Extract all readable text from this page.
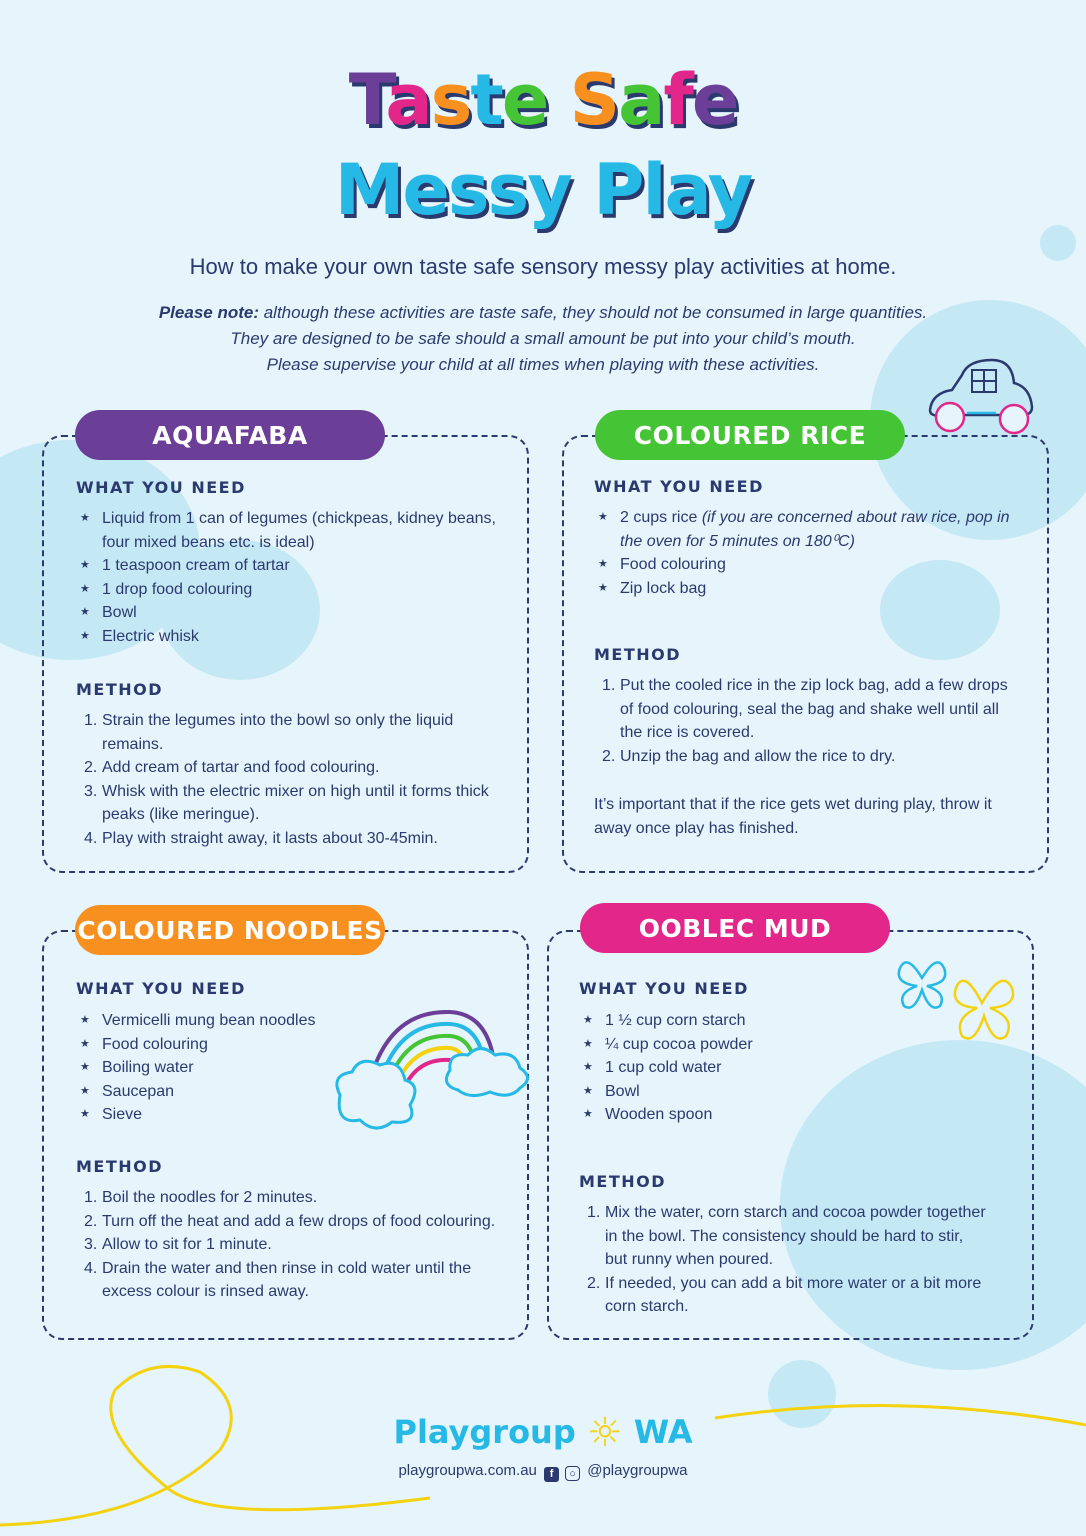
Taste Safe
Messy Play
How to make your own taste safe sensory messy play activities at home.
Please note: although these activities are taste safe, they should not be consumed in large quantities.
They are designed to be safe should a small amount be put into your child’s mouth.
Please supervise your child at all times when playing with these activities.
AQUAFABA
WHAT YOU NEED
★ Liquid from 1 can of legumes (chickpeas, kidney beans, four mixed beans etc. is ideal)
★ 1 teaspoon cream of tartar
★ 1 drop food colouring
★ Bowl
★ Electric whisk
METHOD
1. Strain the legumes into the bowl so only the liquid remains.
2. Add cream of tartar and food colouring.
3. Whisk with the electric mixer on high until it forms thick peaks (like meringue).
4. Play with straight away, it lasts about 30-45min.
COLOURED RICE
WHAT YOU NEED
★ 2 cups rice (if you are concerned about raw rice, pop in the oven for 5 minutes on 180⁰C)
★ Food colouring
★ Zip lock bag
METHOD
1. Put the cooled rice in the zip lock bag, add a few drops of food colouring, seal the bag and shake well until all the rice is covered.
2. Unzip the bag and allow the rice to dry.
It’s important that if the rice gets wet during play, throw it away once play has finished.
COLOURED NOODLES
WHAT YOU NEED
★ Vermicelli mung bean noodles
★ Food colouring
★ Boiling water
★ Saucepan
★ Sieve
METHOD
1. Boil the noodles for 2 minutes.
2. Turn off the heat and add a few drops of food colouring.
3. Allow to sit for 1 minute.
4. Drain the water and then rinse in cold water until the excess colour is rinsed away.
OOBLEC MUD
WHAT YOU NEED
★ 1 ½ cup corn starch
★ ¼ cup cocoa powder
★ 1 cup cold water
★ Bowl
★ Wooden spoon
METHOD
1. Mix the water, corn starch and cocoa powder together in the bowl. The consistency should be hard to stir, but runny when poured.
2. If needed, you can add a bit more water or a bit more corn starch.
Playgroup ☼ WA
playgroupwa.com.au f ○ @playgroupwa
